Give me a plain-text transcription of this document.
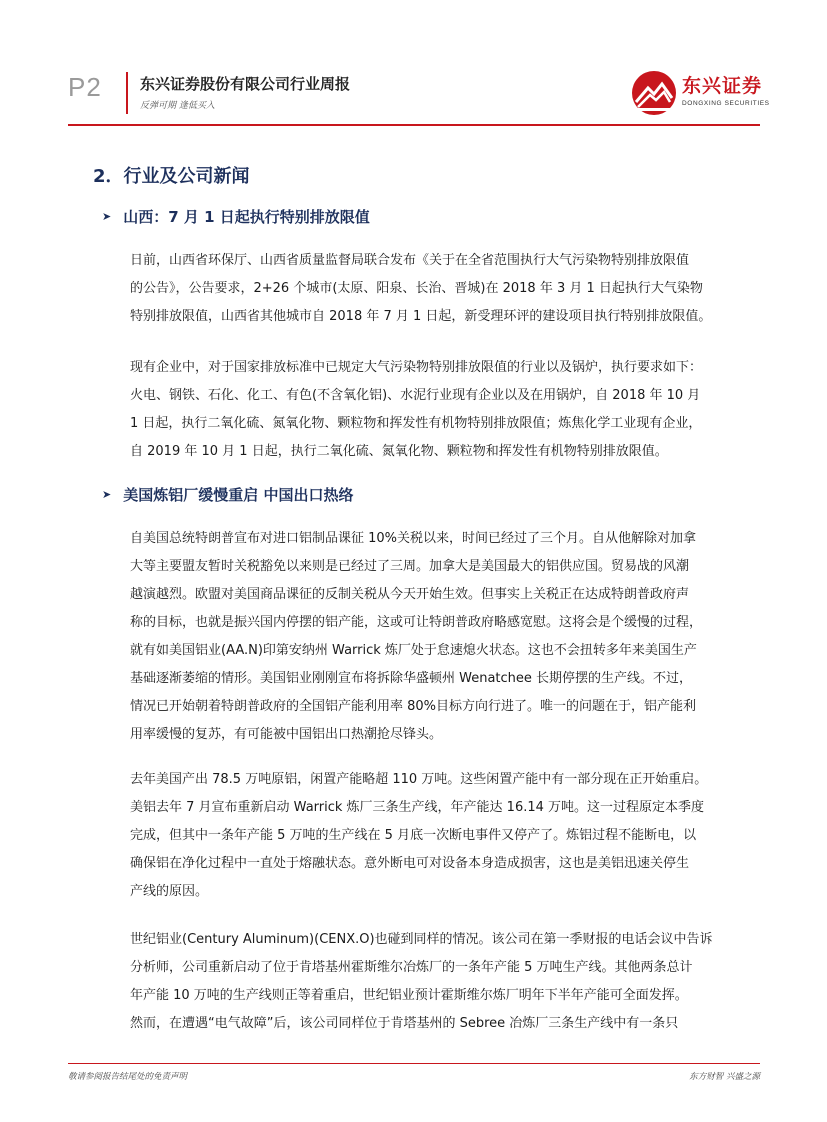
P2	东兴证券股份有限公司行业周报
反弹可期 逢低买入
东兴证券
DONGXING SECURITIES
2．行业及公司新闻
➤ 山西：7 月 1 日起执行特别排放限值
日前，山西省环保厅、山西省质量监督局联合发布《关于在全省范围执行大气污染物特别排放限值
的公告》，公告要求，2+26 个城市(太原、阳泉、长治、晋城)在 2018 年 3 月 1 日起执行大气染物
特别排放限值，山西省其他城市自 2018 年 7 月 1 日起，新受理环评的建设项目执行特别排放限值。
现有企业中，对于国家排放标准中已规定大气污染物特别排放限值的行业以及锅炉，执行要求如下：
火电、钢铁、石化、化工、有色(不含氧化铝)、水泥行业现有企业以及在用锅炉，自 2018 年 10 月
1 日起，执行二氧化硫、氮氧化物、颗粒物和挥发性有机物特别排放限值；炼焦化学工业现有企业，
自 2019 年 10 月 1 日起，执行二氧化硫、氮氧化物、颗粒物和挥发性有机物特别排放限值。
➤ 美国炼铝厂缓慢重启 中国出口热络
自美国总统特朗普宣布对进口铝制品课征 10%关税以来，时间已经过了三个月。自从他解除对加拿
大等主要盟友暂时关税豁免以来则是已经过了三周。加拿大是美国最大的铝供应国。贸易战的风潮
越演越烈。欧盟对美国商品课征的反制关税从今天开始生效。但事实上关税正在达成特朗普政府声
称的目标，也就是振兴国内停摆的铝产能，这或可让特朗普政府略感宽慰。这将会是个缓慢的过程，
就有如美国铝业(AA.N)印第安纳州 Warrick 炼厂处于怠速熄火状态。这也不会扭转多年来美国生产
基础逐渐萎缩的情形。美国铝业刚刚宣布将拆除华盛顿州 Wenatchee 长期停摆的生产线。不过，
情况已开始朝着特朗普政府的全国铝产能利用率 80%目标方向行进了。唯一的问题在于，铝产能利
用率缓慢的复苏，有可能被中国铝出口热潮抢尽锋头。
去年美国产出 78.5 万吨原铝，闲置产能略超 110 万吨。这些闲置产能中有一部分现在正开始重启。
美铝去年 7 月宣布重新启动 Warrick 炼厂三条生产线，年产能达 16.14 万吨。这一过程原定本季度
完成，但其中一条年产能 5 万吨的生产线在 5 月底一次断电事件又停产了。炼铝过程不能断电，以
确保铝在净化过程中一直处于熔融状态。意外断电可对设备本身造成损害，这也是美铝迅速关停生
产线的原因。
世纪铝业(Century Aluminum)(CENX.O)也碰到同样的情况。该公司在第一季财报的电话会议中告诉
分析师，公司重新启动了位于肯塔基州霍斯维尔冶炼厂的一条年产能 5 万吨生产线。其他两条总计
年产能 10 万吨的生产线则正等着重启，世纪铝业预计霍斯维尔炼厂明年下半年产能可全面发挥。
然而，在遭遇“电气故障”后，该公司同样位于肯塔基州的 Sebree 冶炼厂三条生产线中有一条只
敬请参阅报告结尾处的免责声明	东方财智 兴盛之源
